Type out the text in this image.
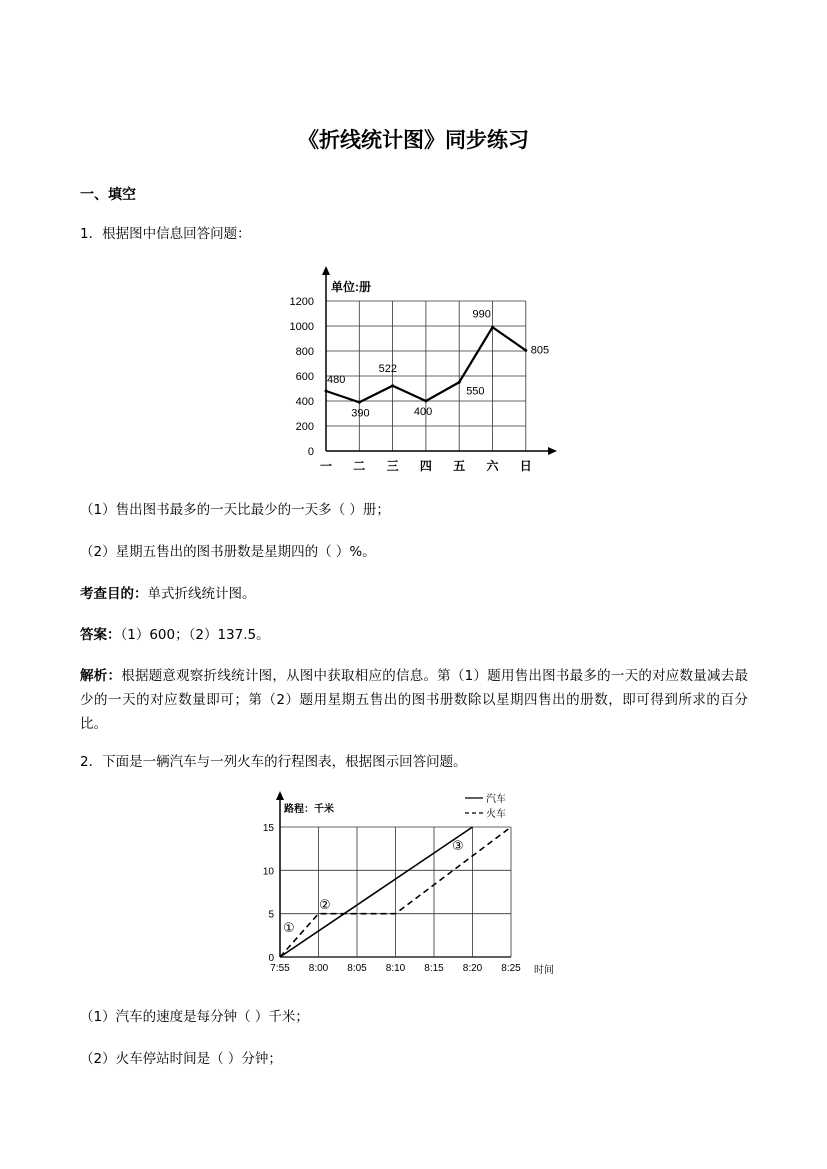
《折线统计图》同步练习
一、填空
1．根据图中信息回答问题：
单位:册
0
200
400
600
800
1000
1200
一 二 三 四 五 六 日
480
390
522
400
550
990
805
（1）售出图书最多的一天比最少的一天多（ ）册；
（2）星期五售出的图书册数是星期四的（ ）%。
考查目的：单式折线统计图。
答案：（1）600；（2）137.5。
解析：根据题意观察折线统计图，从图中获取相应的信息。第（1）题用售出图书最多的一天的对应数量减去最少的一天的对应数量即可；第（2）题用星期五售出的图书册数除以星期四售出的册数，即可得到所求的百分比。
2．下面是一辆汽车与一列火车的行程图表，根据图示回答问题。
路程：千米
时间
0
5
10
15
7:55 8:00 8:05 8:10 8:15 8:20 8:25
汽车
火车
①
②
③
（1）汽车的速度是每分钟（ ）千米；
（2）火车停站时间是（ ）分钟；
